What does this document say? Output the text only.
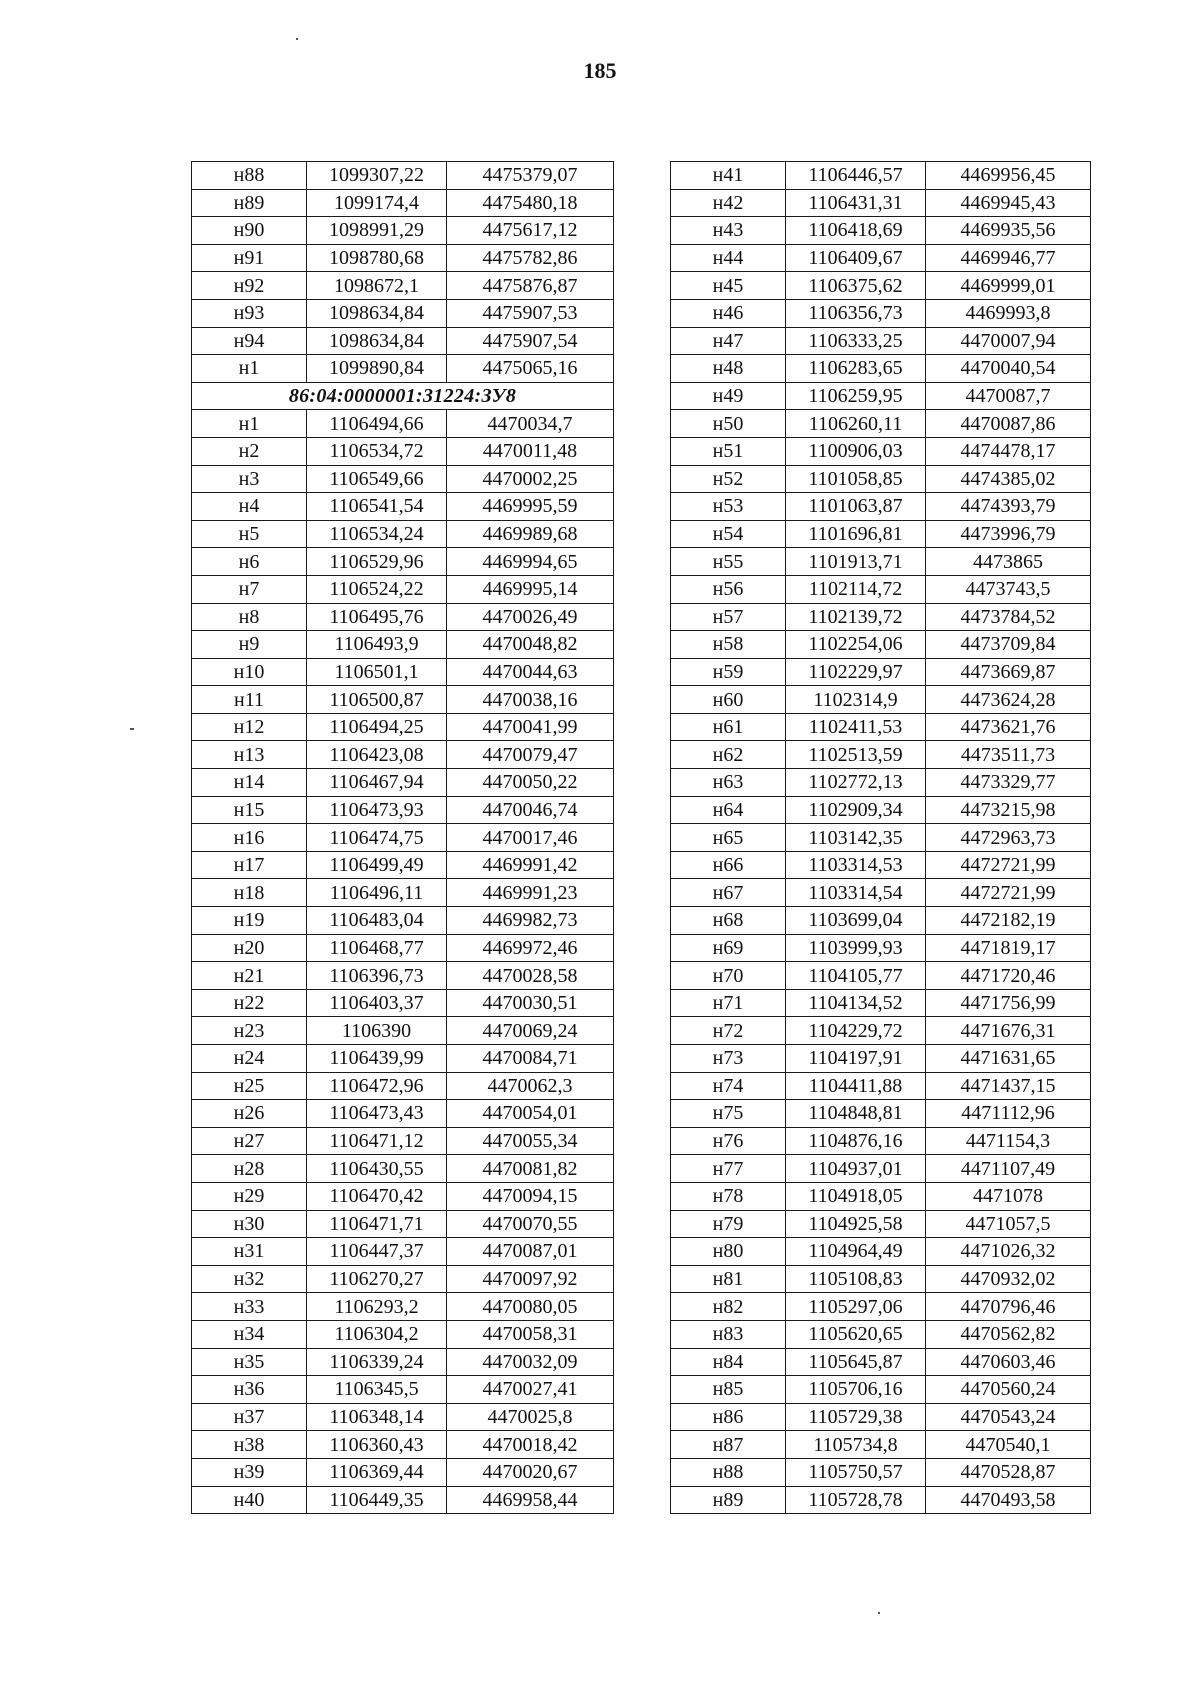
185
н88	1099307,22	4475379,07
н89	1099174,4	4475480,18
н90	1098991,29	4475617,12
н91	1098780,68	4475782,86
н92	1098672,1	4475876,87
н93	1098634,84	4475907,53
н94	1098634,84	4475907,54
н1	1099890,84	4475065,16
86:04:0000001:31224:ЗУ8		
н1	1106494,66	4470034,7
н2	1106534,72	4470011,48
н3	1106549,66	4470002,25
н4	1106541,54	4469995,59
н5	1106534,24	4469989,68
н6	1106529,96	4469994,65
н7	1106524,22	4469995,14
н8	1106495,76	4470026,49
н9	1106493,9	4470048,82
н10	1106501,1	4470044,63
н11	1106500,87	4470038,16
н12	1106494,25	4470041,99
н13	1106423,08	4470079,47
н14	1106467,94	4470050,22
н15	1106473,93	4470046,74
н16	1106474,75	4470017,46
н17	1106499,49	4469991,42
н18	1106496,11	4469991,23
н19	1106483,04	4469982,73
н20	1106468,77	4469972,46
н21	1106396,73	4470028,58
н22	1106403,37	4470030,51
н23	1106390	4470069,24
н24	1106439,99	4470084,71
н25	1106472,96	4470062,3
н26	1106473,43	4470054,01
н27	1106471,12	4470055,34
н28	1106430,55	4470081,82
н29	1106470,42	4470094,15
н30	1106471,71	4470070,55
н31	1106447,37	4470087,01
н32	1106270,27	4470097,92
н33	1106293,2	4470080,05
н34	1106304,2	4470058,31
н35	1106339,24	4470032,09
н36	1106345,5	4470027,41
н37	1106348,14	4470025,8
н38	1106360,43	4470018,42
н39	1106369,44	4470020,67
н40	1106449,35	4469958,44
н41	1106446,57	4469956,45
н42	1106431,31	4469945,43
н43	1106418,69	4469935,56
н44	1106409,67	4469946,77
н45	1106375,62	4469999,01
н46	1106356,73	4469993,8
н47	1106333,25	4470007,94
н48	1106283,65	4470040,54
н49	1106259,95	4470087,7
н50	1106260,11	4470087,86
н51	1100906,03	4474478,17
н52	1101058,85	4474385,02
н53	1101063,87	4474393,79
н54	1101696,81	4473996,79
н55	1101913,71	4473865
н56	1102114,72	4473743,5
н57	1102139,72	4473784,52
н58	1102254,06	4473709,84
н59	1102229,97	4473669,87
н60	1102314,9	4473624,28
н61	1102411,53	4473621,76
н62	1102513,59	4473511,73
н63	1102772,13	4473329,77
н64	1102909,34	4473215,98
н65	1103142,35	4472963,73
н66	1103314,53	4472721,99
н67	1103314,54	4472721,99
н68	1103699,04	4472182,19
н69	1103999,93	4471819,17
н70	1104105,77	4471720,46
н71	1104134,52	4471756,99
н72	1104229,72	4471676,31
н73	1104197,91	4471631,65
н74	1104411,88	4471437,15
н75	1104848,81	4471112,96
н76	1104876,16	4471154,3
н77	1104937,01	4471107,49
н78	1104918,05	4471078
н79	1104925,58	4471057,5
н80	1104964,49	4471026,32
н81	1105108,83	4470932,02
н82	1105297,06	4470796,46
н83	1105620,65	4470562,82
н84	1105645,87	4470603,46
н85	1105706,16	4470560,24
н86	1105729,38	4470543,24
н87	1105734,8	4470540,1
н88	1105750,57	4470528,87
н89	1105728,78	4470493,58
